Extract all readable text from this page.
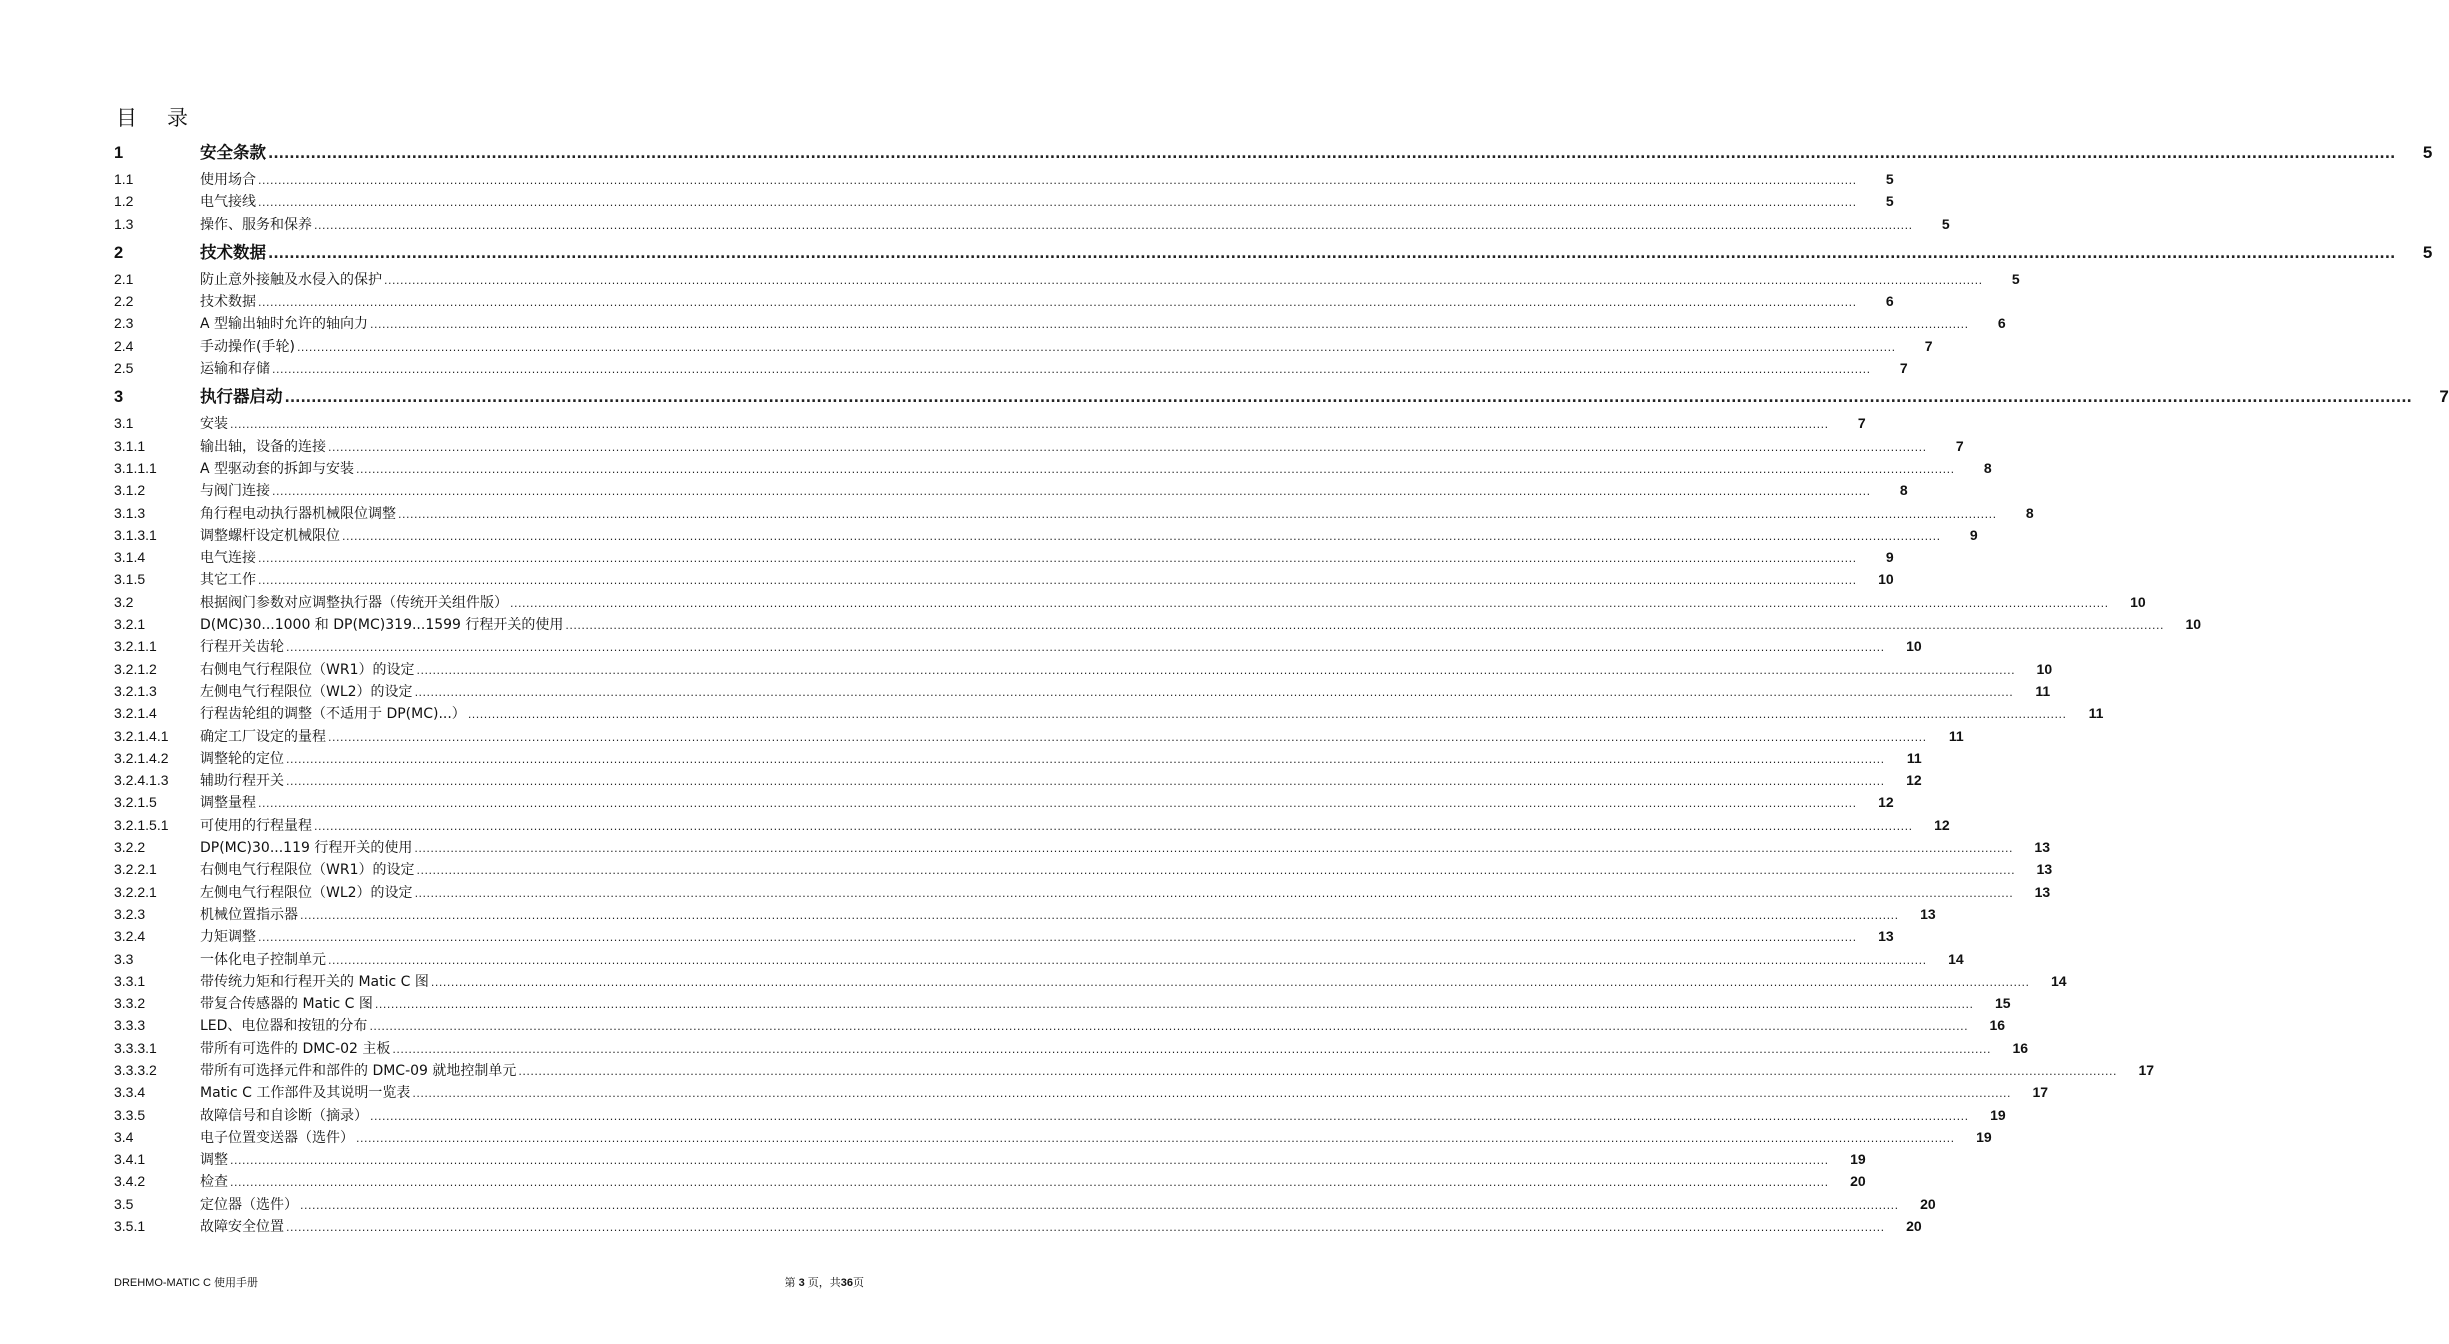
目 录
1	安全条款 ................................................................................................................................................................................................................................................................................................................................................................................................................	5
1.1	使用场合 ................................................................................................................................................................................................................................................................................................................................................................................................................	5
1.2	电气接线 ................................................................................................................................................................................................................................................................................................................................................................................................................	5
1.3	操作、服务和保养 ................................................................................................................................................................................................................................................................................................................................................................................................................	5
2	技术数据 ................................................................................................................................................................................................................................................................................................................................................................................................................	5
2.1	防止意外接触及水侵入的保护 ................................................................................................................................................................................................................................................................................................................................................................................................................	5
2.2	技术数据 ................................................................................................................................................................................................................................................................................................................................................................................................................	6
2.3	A 型输出轴时允许的轴向力 ................................................................................................................................................................................................................................................................................................................................................................................................................	6
2.4	手动操作(手轮) ................................................................................................................................................................................................................................................................................................................................................................................................................	7
2.5	运输和存储 ................................................................................................................................................................................................................................................................................................................................................................................................................	7
3	执行器启动 ................................................................................................................................................................................................................................................................................................................................................................................................................	7
3.1	安装 ................................................................................................................................................................................................................................................................................................................................................................................................................	7
3.1.1	输出轴，设备的连接 ................................................................................................................................................................................................................................................................................................................................................................................................................	7
3.1.1.1	A 型驱动套的拆卸与安装 ................................................................................................................................................................................................................................................................................................................................................................................................................	8
3.1.2	与阀门连接 ................................................................................................................................................................................................................................................................................................................................................................................................................	8
3.1.3	角行程电动执行器机械限位调整 ................................................................................................................................................................................................................................................................................................................................................................................................................	8
3.1.3.1	调整螺杆设定机械限位 ................................................................................................................................................................................................................................................................................................................................................................................................................	9
3.1.4	电气连接 ................................................................................................................................................................................................................................................................................................................................................................................................................	9
3.1.5	其它工作 ................................................................................................................................................................................................................................................................................................................................................................................................................	10
3.2	根据阀门参数对应调整执行器（传统开关组件版） ................................................................................................................................................................................................................................................................................................................................................................................................................	10
3.2.1	D(MC)30...1000 和 DP(MC)319...1599 行程开关的使用 ................................................................................................................................................................................................................................................................................................................................................................................................................	10
3.2.1.1	行程开关齿轮 ................................................................................................................................................................................................................................................................................................................................................................................................................	10
3.2.1.2	右侧电气行程限位（WR1）的设定 ................................................................................................................................................................................................................................................................................................................................................................................................................	10
3.2.1.3	左侧电气行程限位（WL2）的设定 ................................................................................................................................................................................................................................................................................................................................................................................................................	11
3.2.1.4	行程齿轮组的调整（不适用于 DP(MC)...） ................................................................................................................................................................................................................................................................................................................................................................................................................	11
3.2.1.4.1	确定工厂设定的量程 ................................................................................................................................................................................................................................................................................................................................................................................................................	11
3.2.1.4.2	调整轮的定位 ................................................................................................................................................................................................................................................................................................................................................................................................................	11
3.2.4.1.3	辅助行程开关 ................................................................................................................................................................................................................................................................................................................................................................................................................	12
3.2.1.5	调整量程 ................................................................................................................................................................................................................................................................................................................................................................................................................	12
3.2.1.5.1	可使用的行程量程 ................................................................................................................................................................................................................................................................................................................................................................................................................	12
3.2.2	DP(MC)30...119 行程开关的使用 ................................................................................................................................................................................................................................................................................................................................................................................................................	13
3.2.2.1	右侧电气行程限位（WR1）的设定 ................................................................................................................................................................................................................................................................................................................................................................................................................	13
3.2.2.1	左侧电气行程限位（WL2）的设定 ................................................................................................................................................................................................................................................................................................................................................................................................................	13
3.2.3	机械位置指示器 ................................................................................................................................................................................................................................................................................................................................................................................................................	13
3.2.4	力矩调整 ................................................................................................................................................................................................................................................................................................................................................................................................................	13
3.3	一体化电子控制单元 ................................................................................................................................................................................................................................................................................................................................................................................................................	14
3.3.1	带传统力矩和行程开关的 Matic C 图 ................................................................................................................................................................................................................................................................................................................................................................................................................	14
3.3.2	带复合传感器的 Matic C 图 ................................................................................................................................................................................................................................................................................................................................................................................................................	15
3.3.3	LED、电位器和按钮的分布 ................................................................................................................................................................................................................................................................................................................................................................................................................	16
3.3.3.1	带所有可选件的 DMC-02 主板 ................................................................................................................................................................................................................................................................................................................................................................................................................	16
3.3.3.2	带所有可选择元件和部件的 DMC-09 就地控制单元 ................................................................................................................................................................................................................................................................................................................................................................................................................	17
3.3.4	Matic C 工作部件及其说明一览表 ................................................................................................................................................................................................................................................................................................................................................................................................................	17
3.3.5	故障信号和自诊断（摘录） ................................................................................................................................................................................................................................................................................................................................................................................................................	19
3.4	电子位置变送器（选件） ................................................................................................................................................................................................................................................................................................................................................................................................................	19
3.4.1	调整 ................................................................................................................................................................................................................................................................................................................................................................................................................	19
3.4.2	检查 ................................................................................................................................................................................................................................................................................................................................................................................................................	20
3.5	定位器（选件） ................................................................................................................................................................................................................................................................................................................................................................................................................	20
3.5.1	故障安全位置 ................................................................................................................................................................................................................................................................................................................................................................................................................	20
DREHMO-MATIC C 使用手册	第 3 页，共36页
